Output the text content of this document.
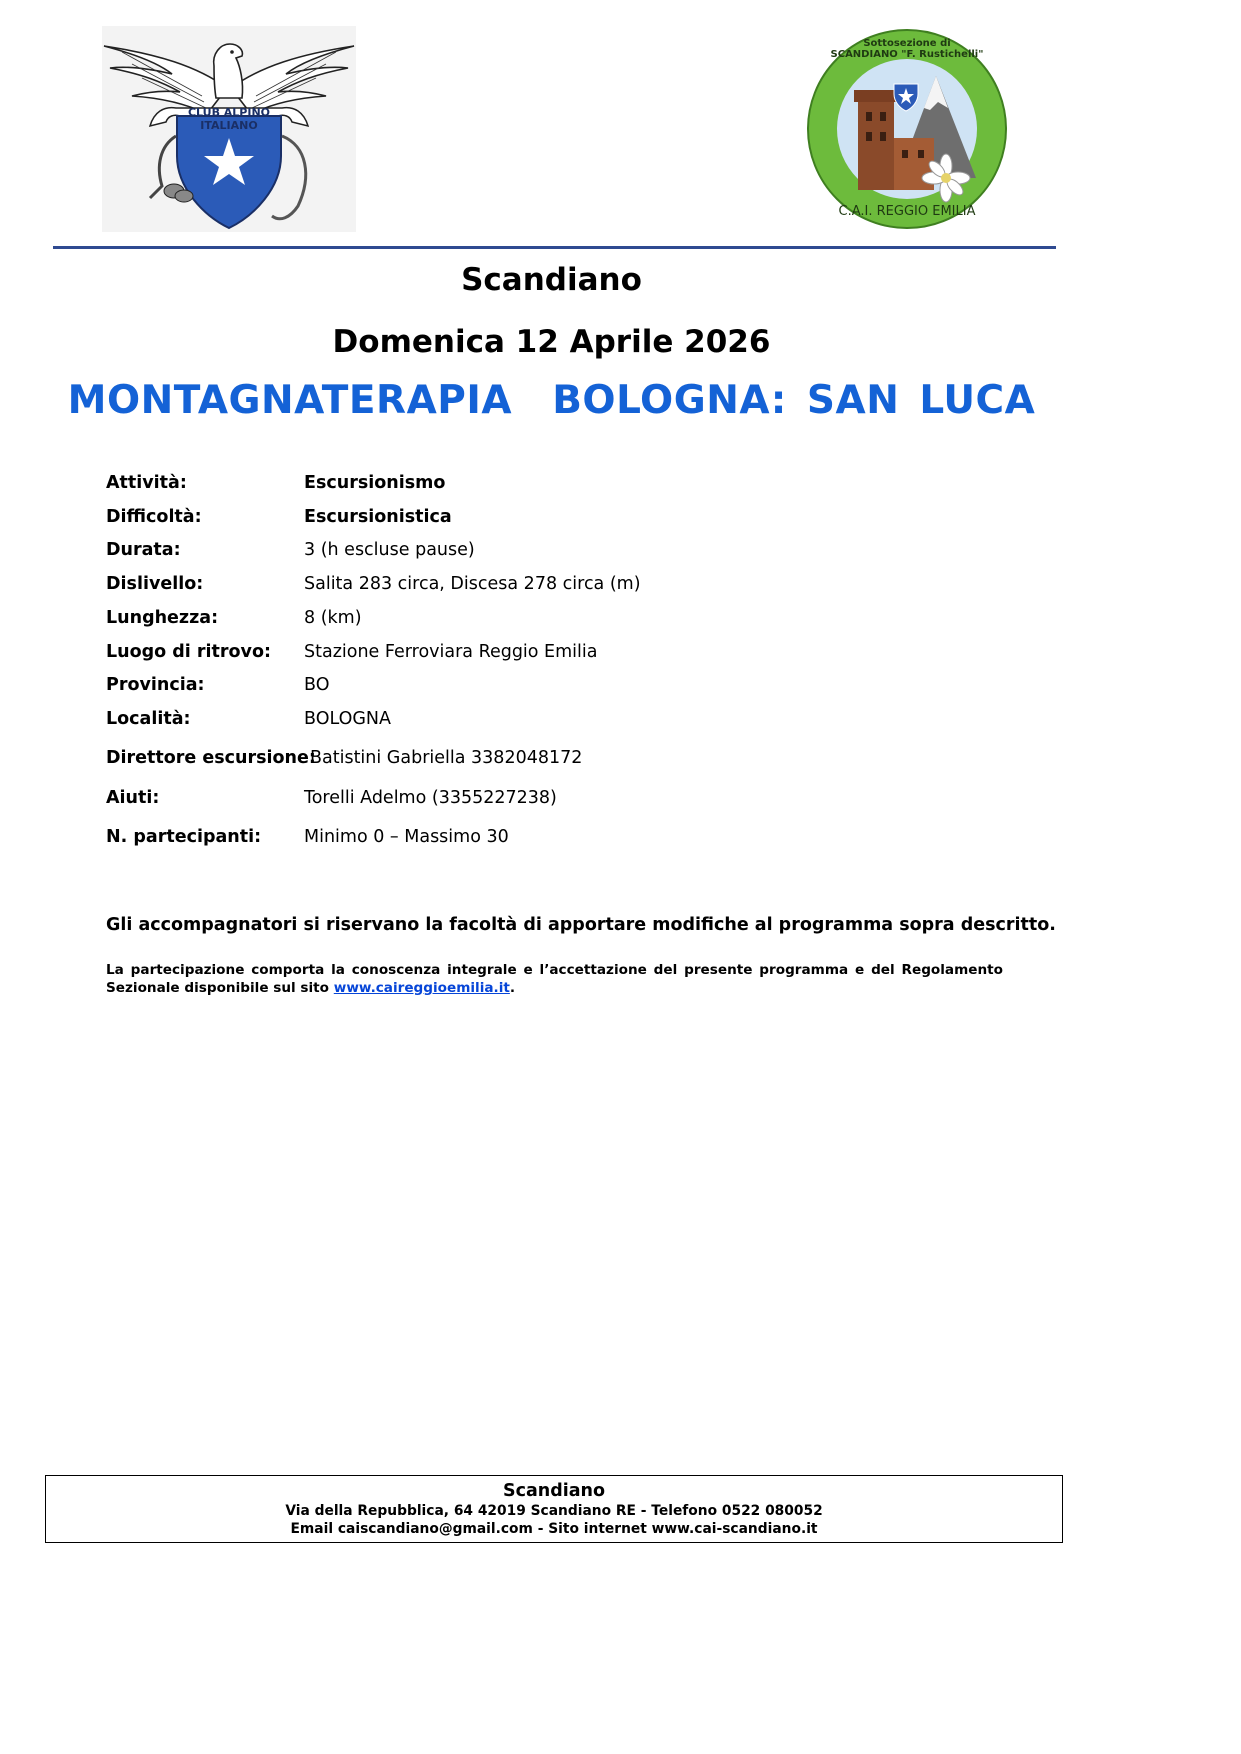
CLUB ALPINO ITALIANO
Sottosezione di SCANDIANO "F. Rustichelli"
C.A.I. REGGIO EMILIA
Scandiano
Domenica 12 Aprile 2026
MONTAGNATERAPIA  BOLOGNA: SAN LUCA
Attività:	Escursionismo
Difficoltà:	Escursionistica
Durata:	3 (h escluse pause)
Dislivello:	Salita 283 circa, Discesa 278 circa (m)
Lunghezza:	8 (km)
Luogo di ritrovo: Stazione Ferroviara Reggio Emilia
Provincia:	BO
Località:	BOLOGNA
Direttore escursione:
Batistini Gabriella 3382048172
Aiuti:	Torelli Adelmo (3355227238)
N. partecipanti: Minimo 0 – Massimo 30
Gli accompagnatori si riservano la facoltà di apportare modifiche al programma sopra descritto.
La partecipazione comporta la conoscenza integrale e l’accettazione del presente programma e del Regolamento Sezionale disponibile sul sito www.caireggioemilia.it.
Scandiano
Via della Repubblica, 64 42019 Scandiano RE - Telefono 0522 080052
Email caiscandiano@gmail.com - Sito internet www.cai-scandiano.it
